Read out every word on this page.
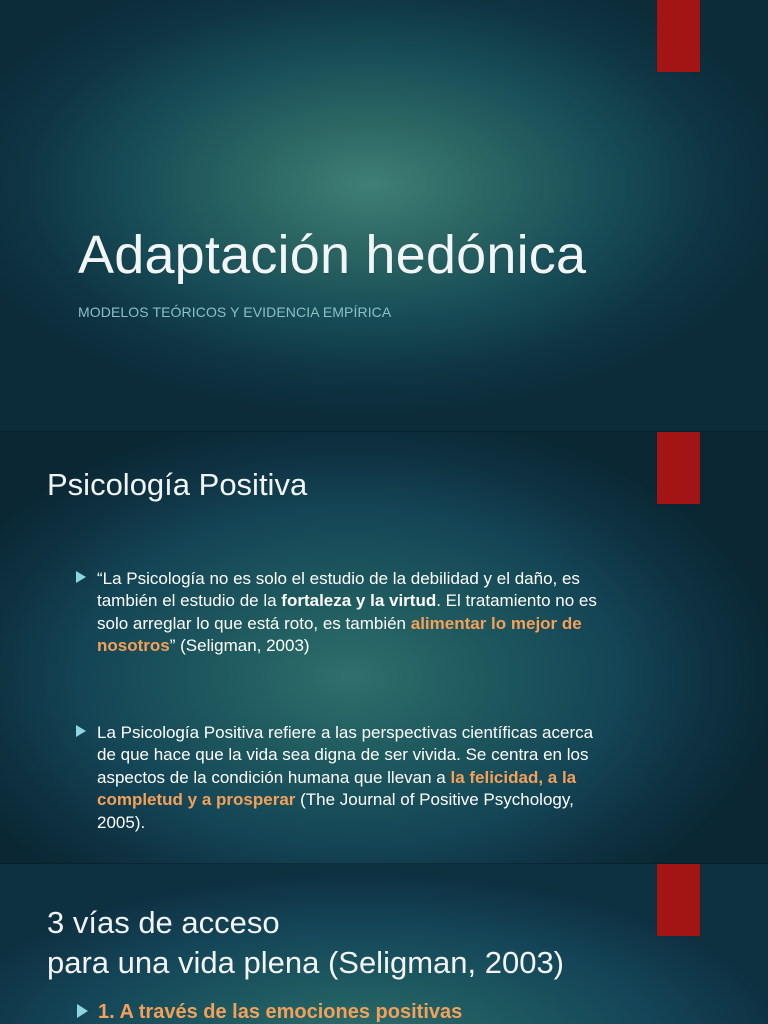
Adaptación hedónica

MODELOS TEÓRICOS Y EVIDENCIA EMPÍRICA

Psicología Positiva
“La Psicología no es solo el estudio de la debilidad y el daño, es también el estudio de la fortaleza y la virtud. El tratamiento no es solo arreglar lo que está roto, es también alimentar lo mejor de nosotros” (Seligman, 2003)
La Psicología Positiva refiere a las perspectivas científicas acerca de que hace que la vida sea digna de ser vivida. Se centra en los aspectos de la condición humana que llevan a la felicidad, a la completud y a prosperar (The Journal of Positive Psychology, 2005).
3 vías de acceso
para una vida plena (Seligman, 2003)
1. A través de las emociones positivas
